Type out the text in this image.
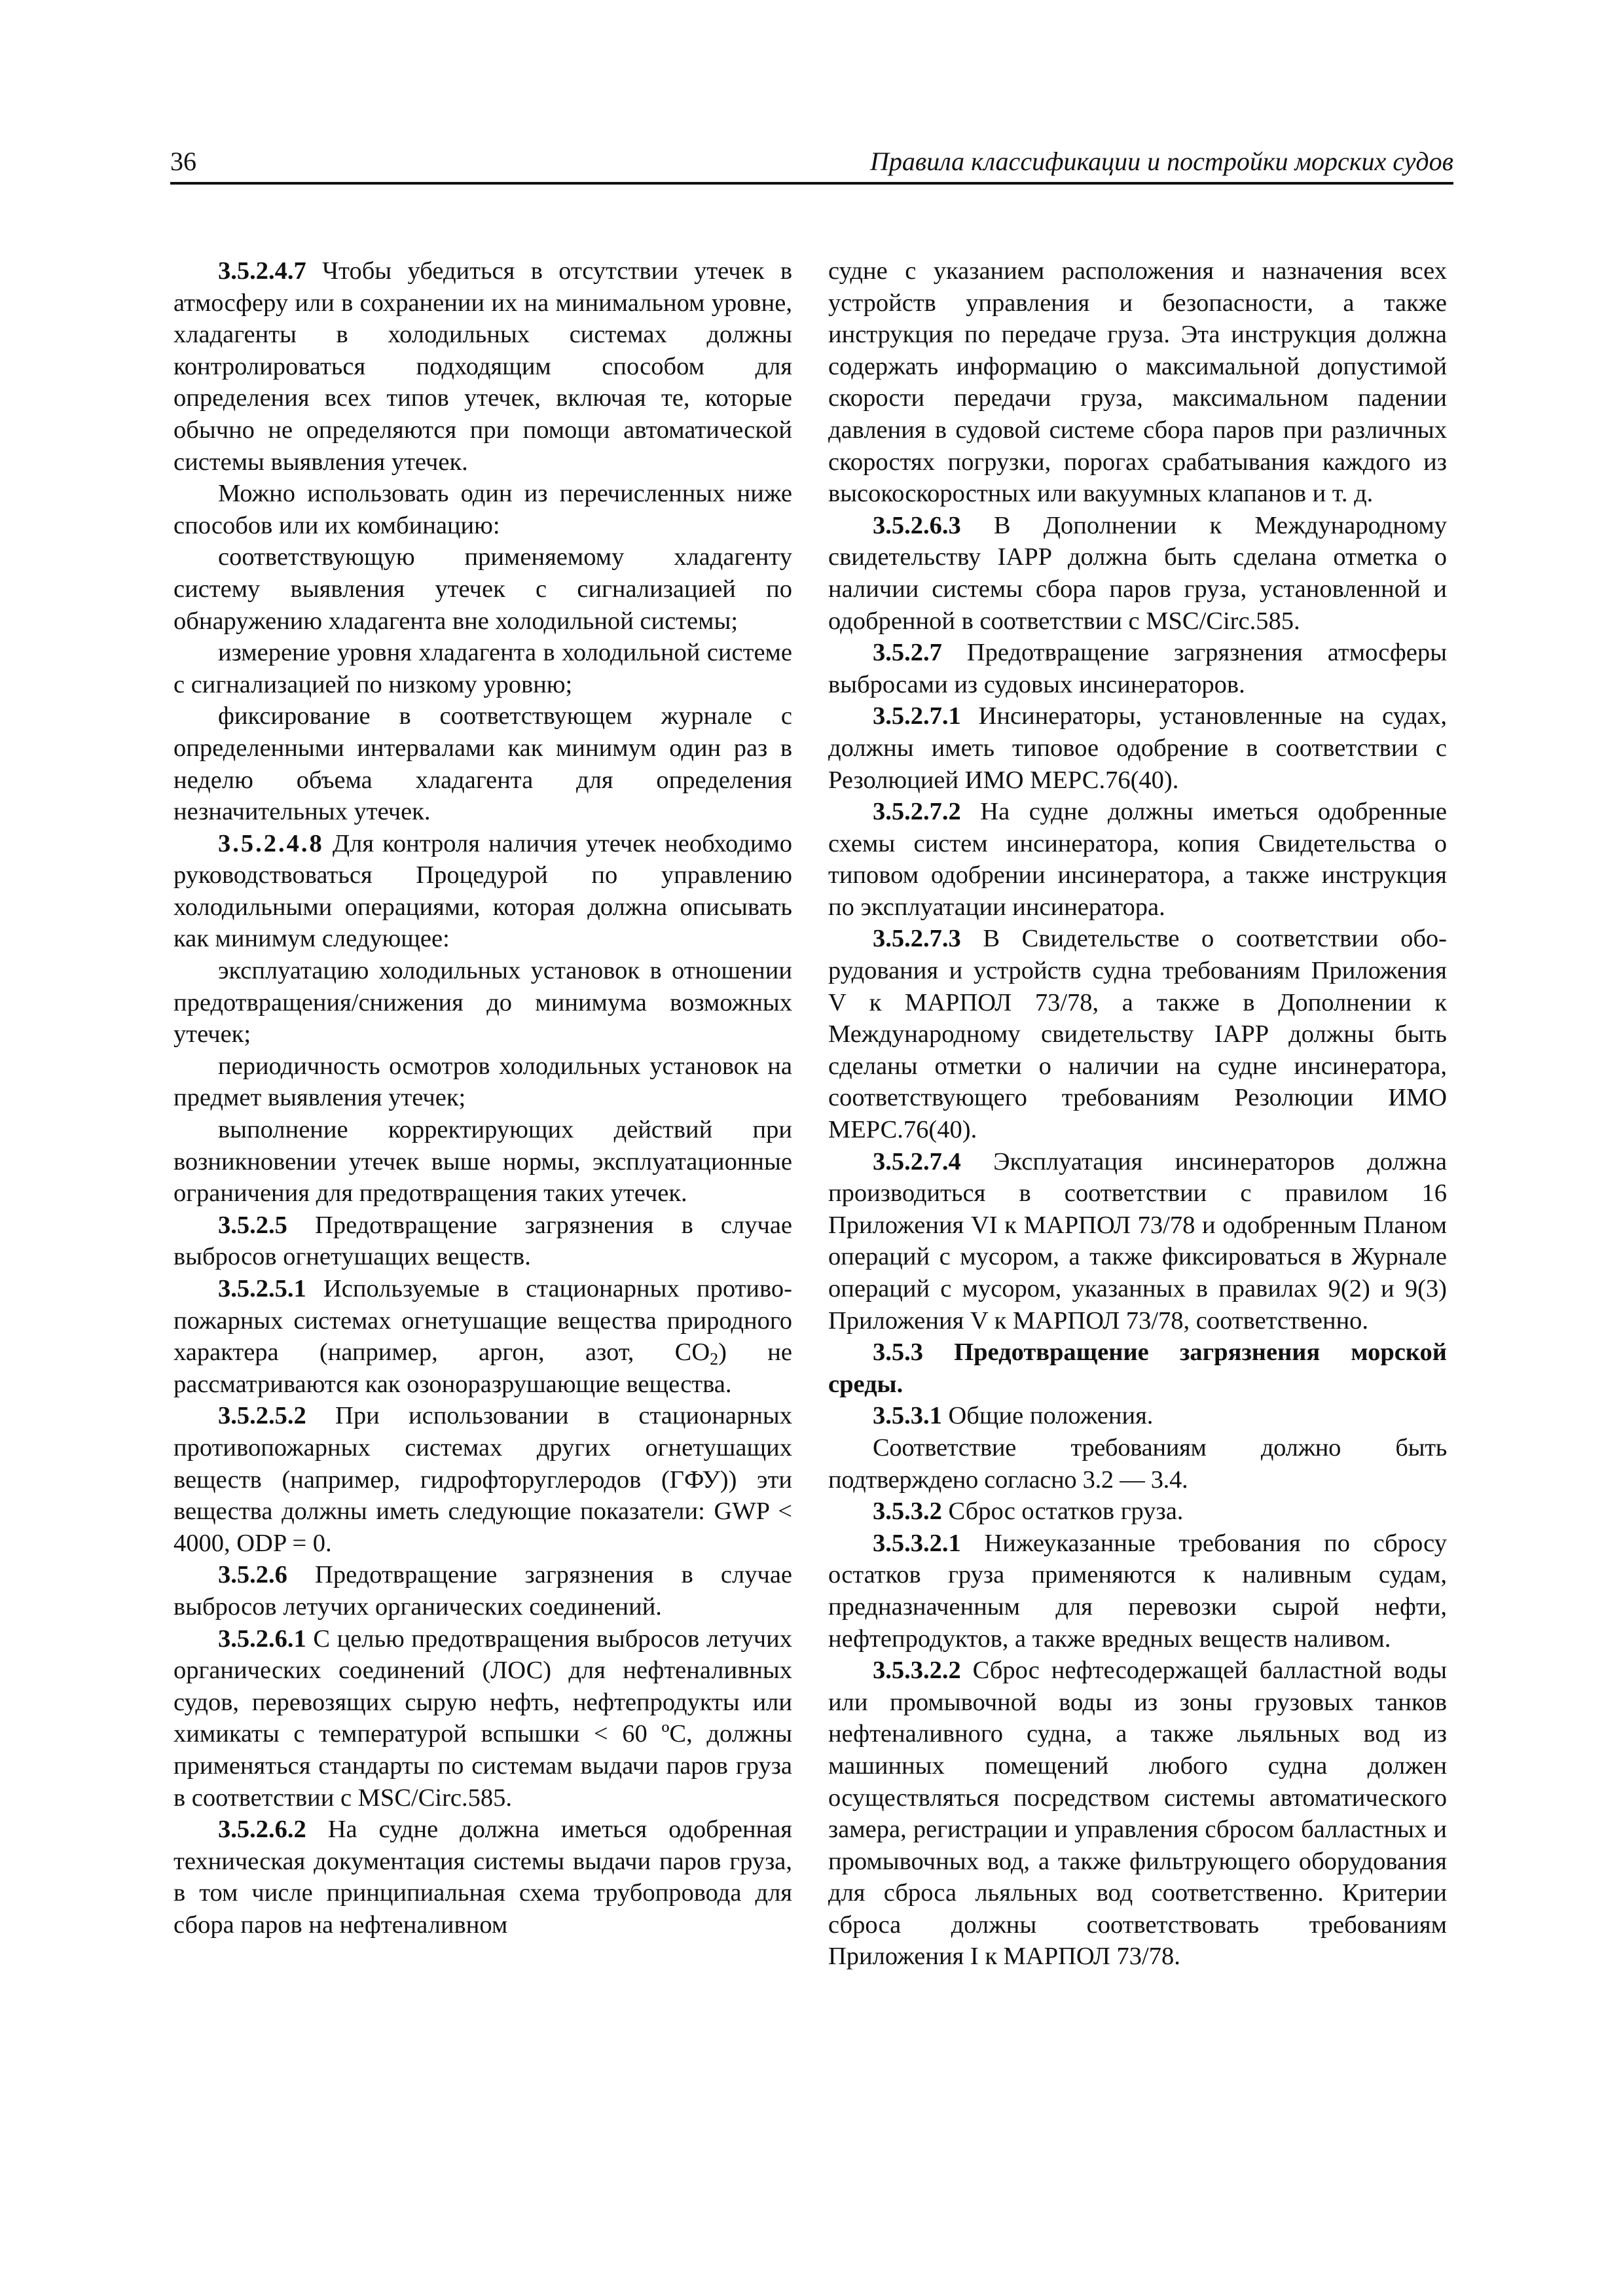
36	Правила классификации и постройки морских судов

3.5.2.4.7 Чтобы убедиться в отсутствии утечек в атмосферу или в сохранении их на минимальном уровне, хладагенты в холодильных системах должны контролироваться подходящим способом для определения всех типов утечек, включая те, которые обычно не определяются при помощи автоматической системы выявления утечек.

Можно использовать один из перечисленных ниже способов или их комбинацию:

соответствующую применяемому хладагенту систему выявления утечек с сигнализацией по обнаружению хладагента вне холодильной системы;

измерение уровня хладагента в холодильной системе с сигнализацией по низкому уровню;

фиксирование в соответствующем журнале с определенными интервалами как минимум один раз в неделю объема хладагента для определения незначительных утечек.

3.5.2.4.8 Для контроля наличия утечек необходимо руководствоваться Процедурой по управлению холодильными операциями, которая должна описывать как минимум следующее:

эксплуатацию холодильных установок в отношении предотвращения/снижения до минимума возможных утечек;

периодичность осмотров холодильных установок на предмет выявления утечек;

выполнение корректирующих действий при возникновении утечек выше нормы, эксплуатационные ограничения для предотвращения таких утечек.

3.5.2.5 Предотвращение загрязнения в случае выбросов огнетушащих веществ.

3.5.2.5.1 Используемые в стационарных противопожарных системах огнетушащие вещества природного характера (например, аргон, азот, $CO_2$) не рассматриваются как озоноразрушающие вещества.

3.5.2.5.2 При использовании в стационарных противопожарных системах других огнетушащих веществ (например, гидрофторуглеродов (ГФУ)) эти вещества должны иметь следующие показатели: GWP < 4000, ODP = 0.

3.5.2.6 Предотвращение загрязнения в случае выбросов летучих органических соединений.

3.5.2.6.1 С целью предотвращения выбросов летучих органических соединений (ЛОС) для нефтеналивных судов, перевозящих сырую нефть, нефтепродукты или химикаты с температурой вспышки < 60 ºС, должны применяться стандарты по системам выдачи паров груза в соответствии с MSC/Circ.585.

3.5.2.6.2 На судне должна иметься одобренная техническая документация системы выдачи паров груза, в том числе принципиальная схема трубопровода для сбора паров на нефтеналивном

судне с указанием расположения и назначения всех устройств управления и безопасности, а также инструкция по передаче груза. Эта инструкция должна содержать информацию о максимальной допустимой скорости передачи груза, максимальном падении давления в судовой системе сбора паров при различных скоростях погрузки, порогах срабатывания каждого из высокоскоростных или вакуумных клапанов и т. д.

3.5.2.6.3 В Дополнении к Международному свидетельству IAPP должна быть сделана отметка о наличии системы сбора паров груза, установленной и одобренной в соответствии с MSC/Circ.585.

3.5.2.7 Предотвращение загрязнения атмосферы выбросами из судовых инсинераторов.

3.5.2.7.1 Инсинераторы, установленные на судах, должны иметь типовое одобрение в соответствии с Резолюцией ИМО МЕРС.76(40).

3.5.2.7.2 На судне должны иметься одобренные схемы систем инсинератора, копия Свидетельства о типовом одобрении инсинератора, а также инструкция по эксплуатации инсинератора.

3.5.2.7.3 В Свидетельстве о соответствии оборудования и устройств судна требованиям Приложения V к МАРПОЛ 73/78, а также в Дополнении к Международному свидетельству IAPP должны быть сделаны отметки о наличии на судне инсинератора, соответствующего требованиям Резолюции ИМО МЕРС.76(40).

3.5.2.7.4 Эксплуатация инсинераторов должна производиться в соответствии с правилом 16 Приложения VI к МАРПОЛ 73/78 и одобренным Планом операций с мусором, а также фиксироваться в Журнале операций с мусором, указанных в правилах 9(2) и 9(3) Приложения V к МАРПОЛ 73/78, соответственно.

3.5.3 Предотвращение загрязнения морской среды.

3.5.3.1 Общие положения.

Соответствие требованиям должно быть подтверждено согласно 3.2 — 3.4.

3.5.3.2 Сброс остатков груза.

3.5.3.2.1 Нижеуказанные требования по сбросу остатков груза применяются к наливным судам, предназначенным для перевозки сырой нефти, нефтепродуктов, а также вредных веществ наливом.

3.5.3.2.2 Сброс нефтесодержащей балластной воды или промывочной воды из зоны грузовых танков нефтеналивного судна, а также льяльных вод из машинных помещений любого судна должен осуществляться посредством системы автоматического замера, регистрации и управления сбросом балластных и промывочных вод, а также фильтрующего оборудования для сброса льяльных вод соответственно. Критерии сброса должны соответствовать требованиям Приложения I к МАРПОЛ 73/78.
